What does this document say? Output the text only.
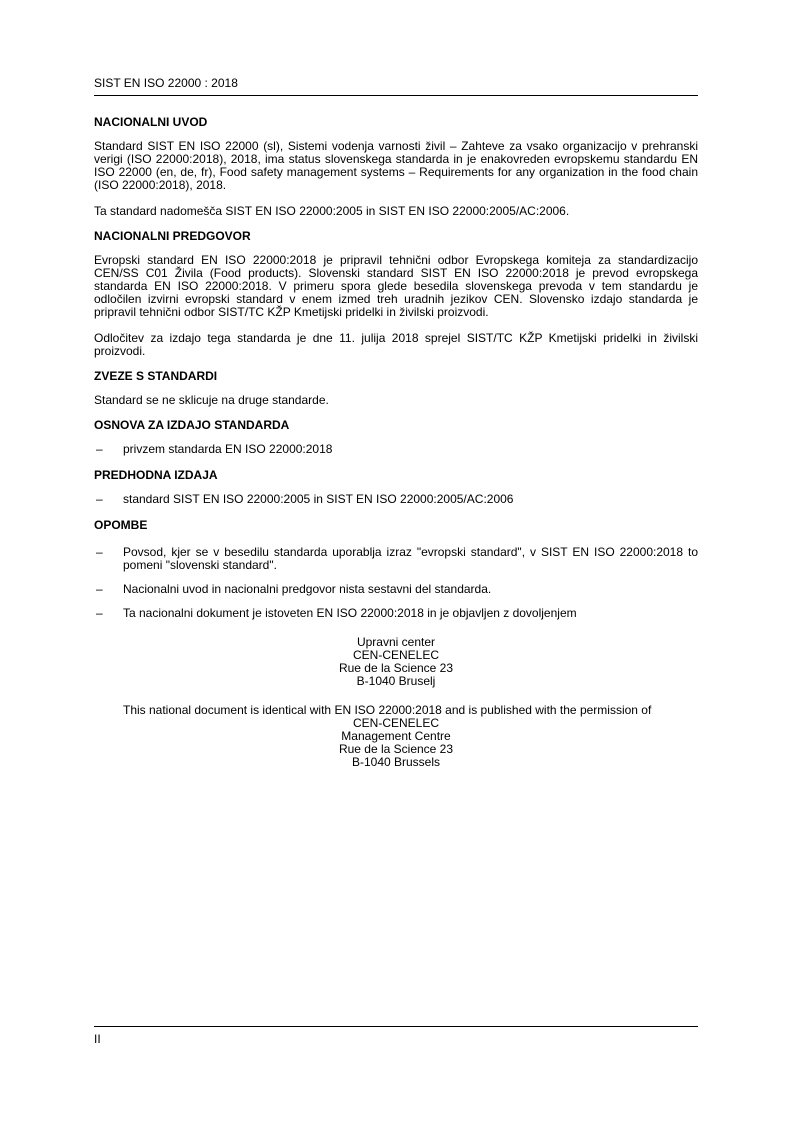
SIST EN ISO 22000 : 2018
NACIONALNI UVOD

Standard SIST EN ISO 22000 (sl), Sistemi vodenja varnosti živil – Zahteve za vsako organizacijo v prehranski verigi (ISO 22000:2018), 2018, ima status slovenskega standarda in je enakovreden evropskemu standardu EN ISO 22000 (en, de, fr), Food safety management systems – Requirements for any organization in the food chain (ISO 22000:2018), 2018.

Ta standard nadomešča SIST EN ISO 22000:2005 in SIST EN ISO 22000:2005/AC:2006.

NACIONALNI PREDGOVOR

Evropski standard EN ISO 22000:2018 je pripravil tehnični odbor Evropskega komiteja za standardizacijo CEN/SS C01 Živila (Food products). Slovenski standard SIST EN ISO 22000:2018 je prevod evropskega standarda EN ISO 22000:2018. V primeru spora glede besedila slovenskega prevoda v tem standardu je odločilen izvirni evropski standard v enem izmed treh uradnih jezikov CEN. Slovensko izdajo standarda je pripravil tehnični odbor SIST/TC KŽP Kmetijski pridelki in živilski proizvodi.

Odločitev za izdajo tega standarda je dne 11. julija 2018 sprejel SIST/TC KŽP Kmetijski pridelki in živilski proizvodi.

ZVEZE S STANDARDI

Standard se ne sklicuje na druge standarde.

OSNOVA ZA IZDAJO STANDARDA
– privzem standarda EN ISO 22000:2018
PREDHODNA IZDAJA
– standard SIST EN ISO 22000:2005 in SIST EN ISO 22000:2005/AC:2006
OPOMBE
– Povsod, kjer se v besedilu standarda uporablja izraz "evropski standard", v SIST EN ISO 22000:2018 to pomeni "slovenski standard".
– Nacionalni uvod in nacionalni predgovor nista sestavni del standarda.
– Ta nacionalni dokument je istoveten EN ISO 22000:2018 in je objavljen z dovoljenjem
Upravni center
CEN-CENELEC
Rue de la Science 23
B-1040 Bruselj

This national document is identical with EN ISO 22000:2018 and is published with the permission of

CEN-CENELEC
Management Centre
Rue de la Science 23
B-1040 Brussels
II
